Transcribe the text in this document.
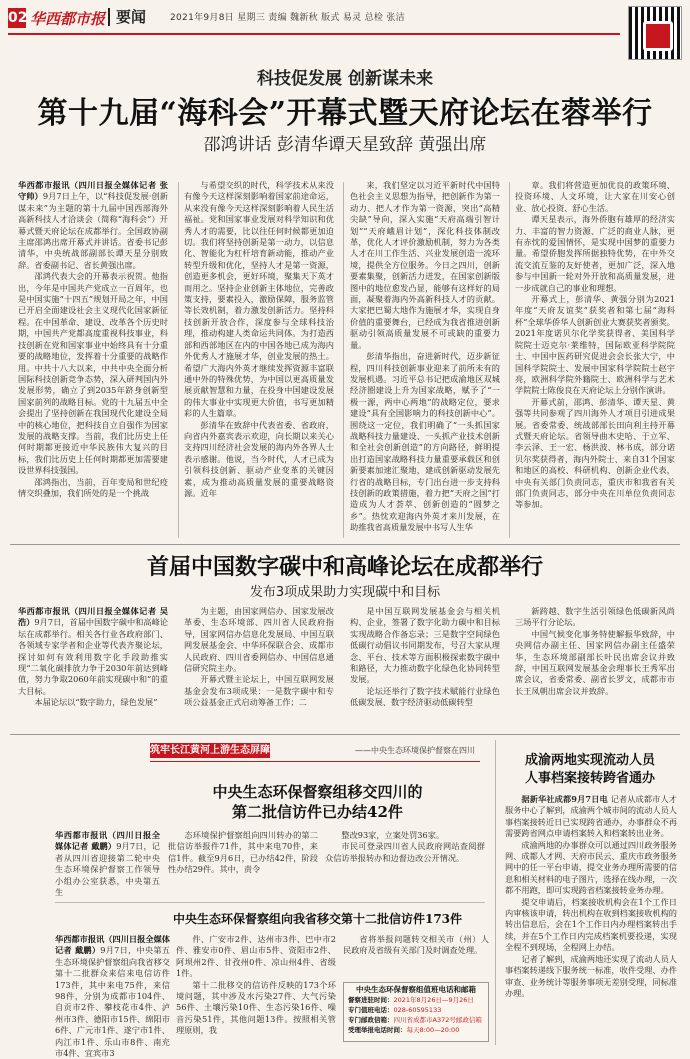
02 华西都市报 要闻	2021年9月8日 星期三 责编 魏新秋 版式 易灵 总检 张洁
科技促发展 创新谋未来
第十九届“海科会”开幕式暨天府论坛在蓉举行
邵鸿讲话 彭清华谭天星致辞 黄强出席

华西都市报讯（四川日报全媒体记者 张守帅）9月7日上午，以“科技促发展·创新谋未来”为主题的第十九届中国西部海外高新科技人才洽谈会（简称“海科会”）开幕式暨天府论坛在成都举行。全国政协副主席邵鸿出席开幕式并讲话。省委书记彭清华，中央统战部副部长谭天星分别致辞。省委副书记、省长黄强出席。

邵鸿代表大会的开幕表示祝贺。他指出，今年是中国共产党成立一百周年，也是中国实施“十四五”规划开局之年，中国已开启全面建设社会主义现代化国家新征程。在中国革命、建设、改革各个历史时期，中国共产党都高度重视科技事业，科技创新在党和国家事业中始终具有十分重要的战略地位，发挥着十分重要的战略作用。中共十八大以来，中共中央全面分析国际科技创新竞争态势，深入研判国内外发展形势，确立了到2035年跻身创新型国家前列的战略目标。党的十九届五中全会提出了坚持创新在我国现代化建设全局中的核心地位，把科技自立自强作为国家发展的战略支撑。当前，我们比历史上任何时期都更接近中华民族伟大复兴的目标，我们比历史上任何时期都更加需要建设世界科技强国。

邵鸿指出，当前，百年变局和世纪疫情交织叠加，我们所处的是一个挑战

与希望交织的时代，科学技术从来没有像今天这样深刻影响着国家前途命运，从来没有像今天这样深刻影响着人民生活福祉。党和国家事业发展对科学知识和优秀人才的需要，比以往任何时候都更加迫切。我们将坚持创新是第一动力，以信息化、智能化为杠杆培育新动能，推动产业转型升级和优化，坚持人才是第一资源，创造更多机会，更好环境，聚集天下英才而用之。坚持企业创新主体地位，完善政策支持，要素投入，激励保障，服务监管等长效机制，着力激发创新活力。坚持科技创新开放合作，深度参与全球科技治理，推动构建人类命运共同体。为打造西部和西部地区在内的中国各地已成为海内外优秀人才施展才华，创业发展的热土。希望广大海内外英才继续发挥资源丰富联通中外的特殊优势，为中国以更高质量发展贡献智慧和力量，在投身中国建设发展的伟大事业中实现更大价值，书写更加精彩的人生篇章。

彭清华在致辞中代表省委、省政府，向省内外嘉宾表示欢迎，向长期以来关心支持四川经济社会发展的海内外各界人士表示感谢。他说，当今时代，人才已成为引领科技创新、驱动产业变革的关键因素，成为推动高质量发展的重要战略资源。近年

来，我们坚定以习近平新时代中国特色社会主义思想为指导，把创新作为第一动力、把人才作为第一资源，突出“高精尖缺”导向，深入实施“天府高端引智计划”“天府峨眉计划”，深化科技体制改革，优化人才评价激励机制，努力为各类人才在川工作生活、兴业发展创造一流环境，提供全方位服务。今日之四川，创新要素集聚，创新活力迸发，在国家创新版图中的地位愈发凸显，能够有这样好的局面，凝聚着海内外高新科技人才的贡献。大家把巴蜀大地作为施展才华，实现自身价值的重要舞台，已经成为我省推进创新驱动引领高质量发展不可或缺的重要力量。

彭清华指出，奋进新时代，迈步新征程，四川科技创新事业迎来了前所未有的发展机遇。习近平总书记把成渝地区双城经济圈建设上升为国家战略，赋予了“一极一源，两中心两地”的战略定位，要求建设“具有全国影响力的科技创新中心”。围绕这一定位，我们明确了“一头抓国家战略科技力量建设、一头抓产业技术创新和全社会创新创造”的方向路径，鲜明提出打造国家战略科技力量重要承载区和创新要素加速汇聚地，建成创新驱动发展先行省的战略目标，专门出台进一步支持科技创新的政策措施，着力把“天府之国”打造成为人才荟萃、创新创造的“圆梦之乡”。热忱欢迎海内外英才来川发展，在助推我省高质量发展中书写人生华

章。我们将营造更加优良的政策环境、投资环境、人文环境，让大家在川安心创业、放心投资、舒心生活。

谭天星表示，海外侨胞有雄厚的经济实力、丰富的智力资源、广泛的商业人脉，更有赤忱的爱国情怀，是实现中国梦的重要力量。希望侨胞发挥所据独特优势，在中外交流交流互鉴的友好使者，更加广泛，深入地参与中国新一轮对外开放和高质量发展，进一步成就自己的事业和理想。

开幕式上，彭清华、黄强分别为2021年度“天府友谊奖”获奖者和第七届“海科杯”全球华侨华人创新创业大赛获奖者颁奖。2021年度诺贝尔化学奖获得者、美国科学院院士迈克尔·莱维特，国际欧亚科学院院士、中国中医药研究促进会会长张大宁，中国科学院院士、发展中国家科学院院士赵宇亮，欧洲科学院外籍院士、欧洲科学与艺术学院院士陈俊良在天府论坛上分别作演讲。

开幕式前，邵鸿、彭清华、谭天星、黄强等共同参观了四川海外人才项目引进成果展。省委常委、统战部部长田向利主持开幕式暨天府论坛。省领导曲木史哈、于立军、李云泽、王一宏、杨洪波、林书成，部分诺贝尔奖获得者，海内外院士、来自31个国家和地区的高校、科研机构、创新企业代表，中央有关部门负责同志，重庆市和我省有关部门负责同志，部分中央在川单位负责同志等参加。

首届中国数字碳中和高峰论坛在成都举行
发布3项成果助力实现碳中和目标

华西都市报讯（四川日报全媒体记者 吴浩）9月7日，首届中国数字碳中和高峰论坛在成都举行。相关各行业各政府部门、各领域专家学者和企业等代表齐聚论坛，探讨如何有效利用数字化手段助推实现“二氧化碳排放力争于2030年前达到峰值，努力争取2060年前实现碳中和”的重大目标。

本届论坛以“数字助力，绿色发展”

为主题，由国家网信办、国家发展改革委、生态环境部、四川省人民政府指导，国家网信办信息化发展局、中国互联网发展基金会、中华环保联合会、成都市人民政府、四川省委网信办、中国信息通信研究院主办。

开幕式暨主论坛上，中国互联网发展基金会发布3项成果：一是数字碳中和专项公益基金正式启动筹备工作；二

是中国互联网发展基金会与相关机构、企业，签署了数字化助力碳中和目标实现战略合作备忘录；三是数字空间绿色低碳行动倡议书同期发布，号召大家从理念、平台、技术等方面积极探索数字碳中和路径，大力推动数字化绿色化协同转型发展。

论坛还举行了数字技术赋能行业绿色低碳发展、数字经济驱动低碳转型

新跨越、数字生活引领绿色低碳新风尚三场平行分论坛。

中国气候变化事务特使解振华致辞，中央网信办副主任、国家网信办副主任盛荣华，生态环境部副部长叶民出席会议并致辞，中国互联网发展基金会理事长王秀军出席会议，省委常委、副省长罗文，成都市市长王凤朝出席会议并致辞。

筑牢长江黄河上游生态屏障	——中央生态环境保护督察在四川
中央生态环保督察组移交四川的
第二批信访件已办结42件

华西都市报讯（四川日报全媒体记者 戴鹏）9月7日，记者从四川省迎接第二轮中央生态环境保护督察工作领导小组办公室获悉，中央第五生

态环境保护督察组向四川转办的第二批信访举报件71件，其中来电70件，来信1件。截至9月6日，已办结42件，阶段性办结29件。其中，责令

整改93家，立案处罚36家。

市民可登录四川省人民政府网站查阅群众信访举报转办和边督边改公开情况。

中央生态环保督察组向我省移交第十二批信访件173件

华西都市报讯（四川日报全媒体记者 戴鹏）9月7日，中央第五生态环境保护督察组向我省移交第十二批群众来信来电信访件173件，其中来电75件，来信98件，分别为成都市104件、自贡市2件、攀枝花市4件、泸州市3件、德阳市15件、绵阳市6件、广元市1件、遂宁市1件、内江市1件、乐山市8件、南充市4件、宜宾市3

件、广安市2件、达州市3件、巴中市2件、雅安市0件、眉山市5件、资阳市2件、阿坝州2件、甘孜州0件、凉山州4件、省级1件。

第十二批移交的信访件反映的173个环境问题，其中涉及水污染27件、大气污染56件、土壤污染10件、生态污染16件、噪音污染51件，其他问题13件。按照相关管理原则，我

省将举报问题转交相关市（州）人民政府及省级有关部门及时调查处理。

中央生态环保督察组值班电话和邮箱
督察进驻时间：2021年8月26日—9月26日
专门值班电话：028-60595133
专门邮政信箱：四川省成都市A372号邮政信箱
受理举报电话时间：每天8:00—20:00
成渝两地实现流动人员
人事档案接转跨省通办

据新华社成都9月7日电 记者从成都市人才服务中心了解到，成渝两个城市间的流动人员人事档案接转近日已实现跨省通办，办事群众不再需要跨省网点申请档案转入和档案转出业务。

成渝两地的办事群众可以通过四川政务服务网、成都人才网、天府市民云、重庆市政务服务网中的任一平台申请，提交业务办理所需要的信息和相关材料的电子图片，选择在线办理，一次都不用跑，即可实现跨省档案接转业务办理。

提交申请后，档案接收机构会在1个工作日内审核该申请，转出机构在收到档案接收机构的转出信息后，会在1个工作日内办理档案转出手续，并在5个工作日内完成档案机要投递，实现全程不到现场，全程网上办结。

记者了解到，成渝两地还实现了流动人员人事档案转递线下服务统一标准，收件受理、办件审查、业务统计等服务事项无差别受理，同标准办理。
